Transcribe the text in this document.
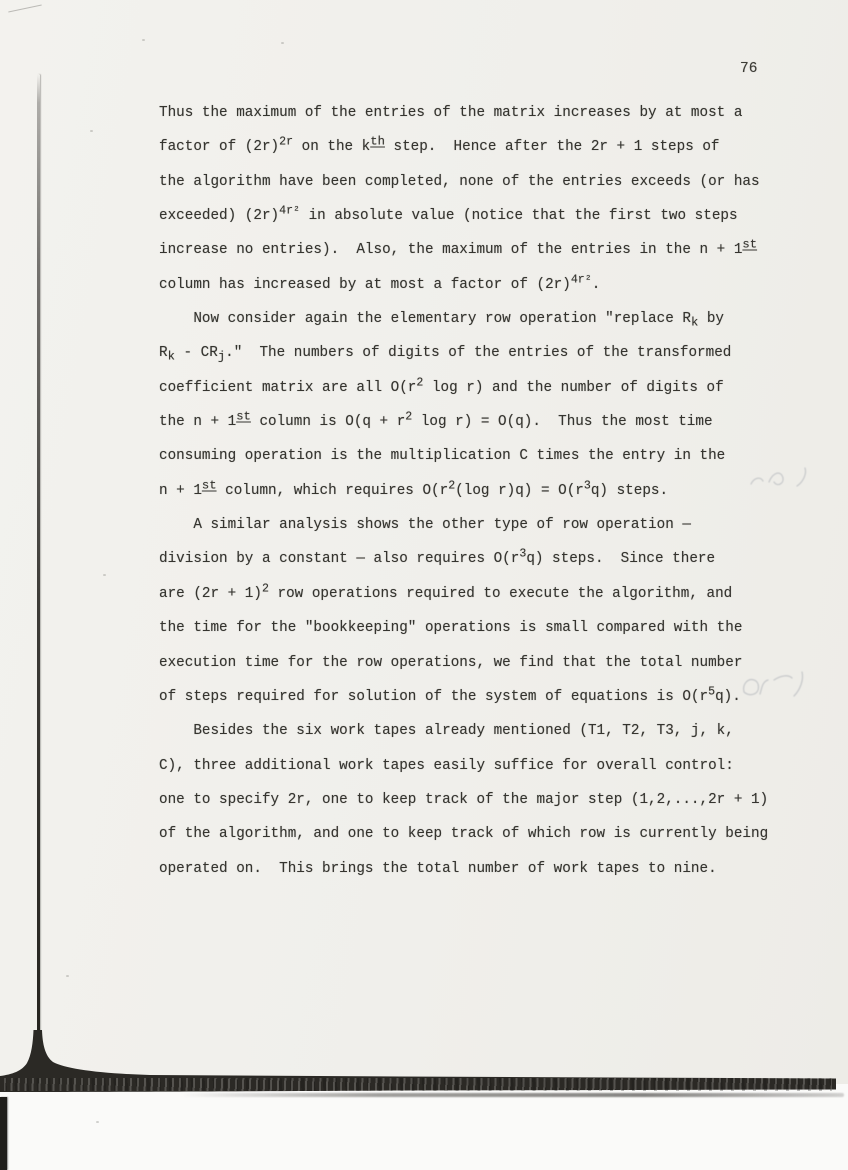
76
Thus the maximum of the entries of the matrix increases by at most a
factor of (2r)2r on the kth step.  Hence after the 2r + 1 steps of
the algorithm have been completed, none of the entries exceeds (or has
exceeded) (2r)4r² in absolute value (notice that the first two steps
increase no entries).  Also, the maximum of the entries in the n + 1st
column has increased by at most a factor of (2r)4r².
Now consider again the elementary row operation "replace Rk by
Rk - CRj."  The numbers of digits of the entries of the transformed
coefficient matrix are all O(r2 log r) and the number of digits of
the n + 1st column is O(q + r2 log r) = O(q).  Thus the most time
consuming operation is the multiplication C times the entry in the
n + 1st column, which requires O(r2(log r)q) = O(r3q) steps.
A similar analysis shows the other type of row operation —
division by a constant — also requires O(r3q) steps.  Since there
are (2r + 1)2 row operations required to execute the algorithm, and
the time for the "bookkeeping" operations is small compared with the
execution time for the row operations, we find that the total number
of steps required for solution of the system of equations is O(r5q).
Besides the six work tapes already mentioned (T1, T2, T3, j, k,
C), three additional work tapes easily suffice for overall control:
one to specify 2r, one to keep track of the major step (1,2,...,2r + 1)
of the algorithm, and one to keep track of which row is currently being
operated on.  This brings the total number of work tapes to nine.
